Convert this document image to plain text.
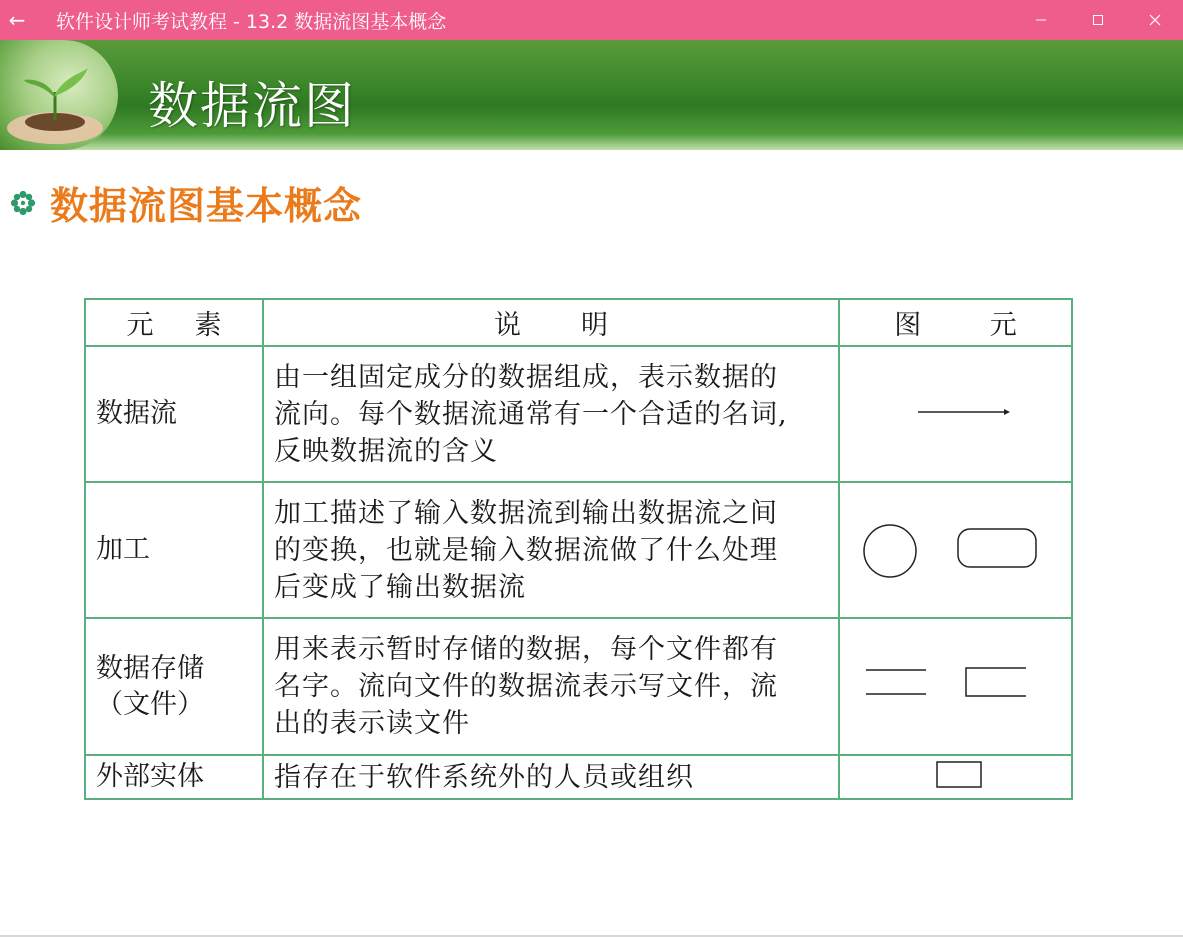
← 软件设计师考试教程 - 13.2 数据流图基本概念
数据流图
数据流图基本概念
元 素	说 明	图 元

数据流	由一组固定成分的数据组成，表示数据的
流向。每个数据流通常有一个合适的名词,
反映数据流的含义

加工	加工描述了输入数据流到输出数据流之间
的变换，也就是输入数据流做了什么处理
后变成了输出数据流

数据存储
（文件）	用来表示暂时存储的数据，每个文件都有
名字。流向文件的数据流表示写文件，流
出的表示读文件

外部实体	指存在于软件系统外的人员或组织
